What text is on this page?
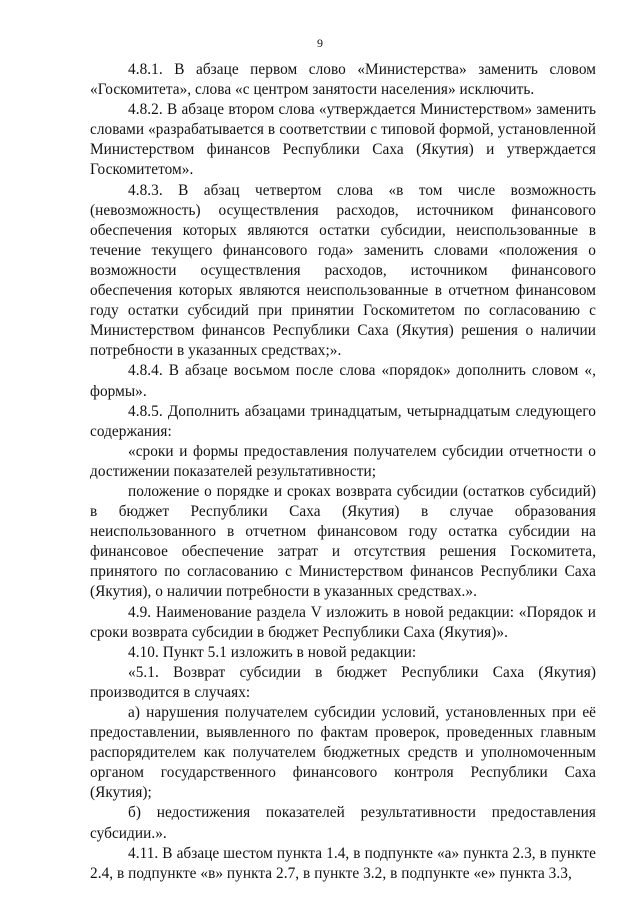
9

4.8.1. В абзаце первом слово «Министерства» заменить словом «Госкомитета», слова «с центром занятости населения» исключить.

4.8.2. В абзаце втором слова «утверждается Министерством» заменить словами «разрабатывается в соответствии с типовой формой, установленной Министерством финансов Республики Саха (Якутия) и утверждается Госкомитетом».

4.8.3. В абзац четвертом слова «в том числе возможность (невозможность) осуществления расходов, источником финансового обеспечения которых являются остатки субсидии, неиспользованные в течение текущего финансового года» заменить словами «положения о возможности осуществления расходов, источником финансового обеспечения которых являются неиспользованные в отчетном финансовом году остатки субсидий при принятии Госкомитетом по согласованию с Министерством финансов Республики Саха (Якутия) решения о наличии потребности в указанных средствах;».

4.8.4. В абзаце восьмом после слова «порядок» дополнить словом «, формы».

4.8.5. Дополнить абзацами тринадцатым, четырнадцатым следующего содержания:

«сроки и формы предоставления получателем субсидии отчетности о достижении показателей результативности;

положение о порядке и сроках возврата субсидии (остатков субсидий) в бюджет Республики Саха (Якутия) в случае образования неиспользованного в отчетном финансовом году остатка субсидии на финансовое обеспечение затрат и отсутствия решения Госкомитета, принятого по согласованию с Министерством финансов Республики Саха (Якутия), о наличии потребности в указанных средствах.».

4.9. Наименование раздела V изложить в новой редакции: «Порядок и сроки возврата субсидии в бюджет Республики Саха (Якутия)».

4.10. Пункт 5.1 изложить в новой редакции:

«5.1. Возврат субсидии в бюджет Республики Саха (Якутия) производится в случаях:

а) нарушения получателем субсидии условий, установленных при её предоставлении, выявленного по фактам проверок, проведенных главным распорядителем как получателем бюджетных средств и уполномоченным органом государственного финансового контроля Республики Саха (Якутия);

б) недостижения показателей результативности предоставления субсидии.».

4.11. В абзаце шестом пункта 1.4, в подпункте «а» пункта 2.3, в пункте 2.4, в подпункте «в» пункта 2.7, в пункте 3.2, в подпункте «е» пункта 3.3,
